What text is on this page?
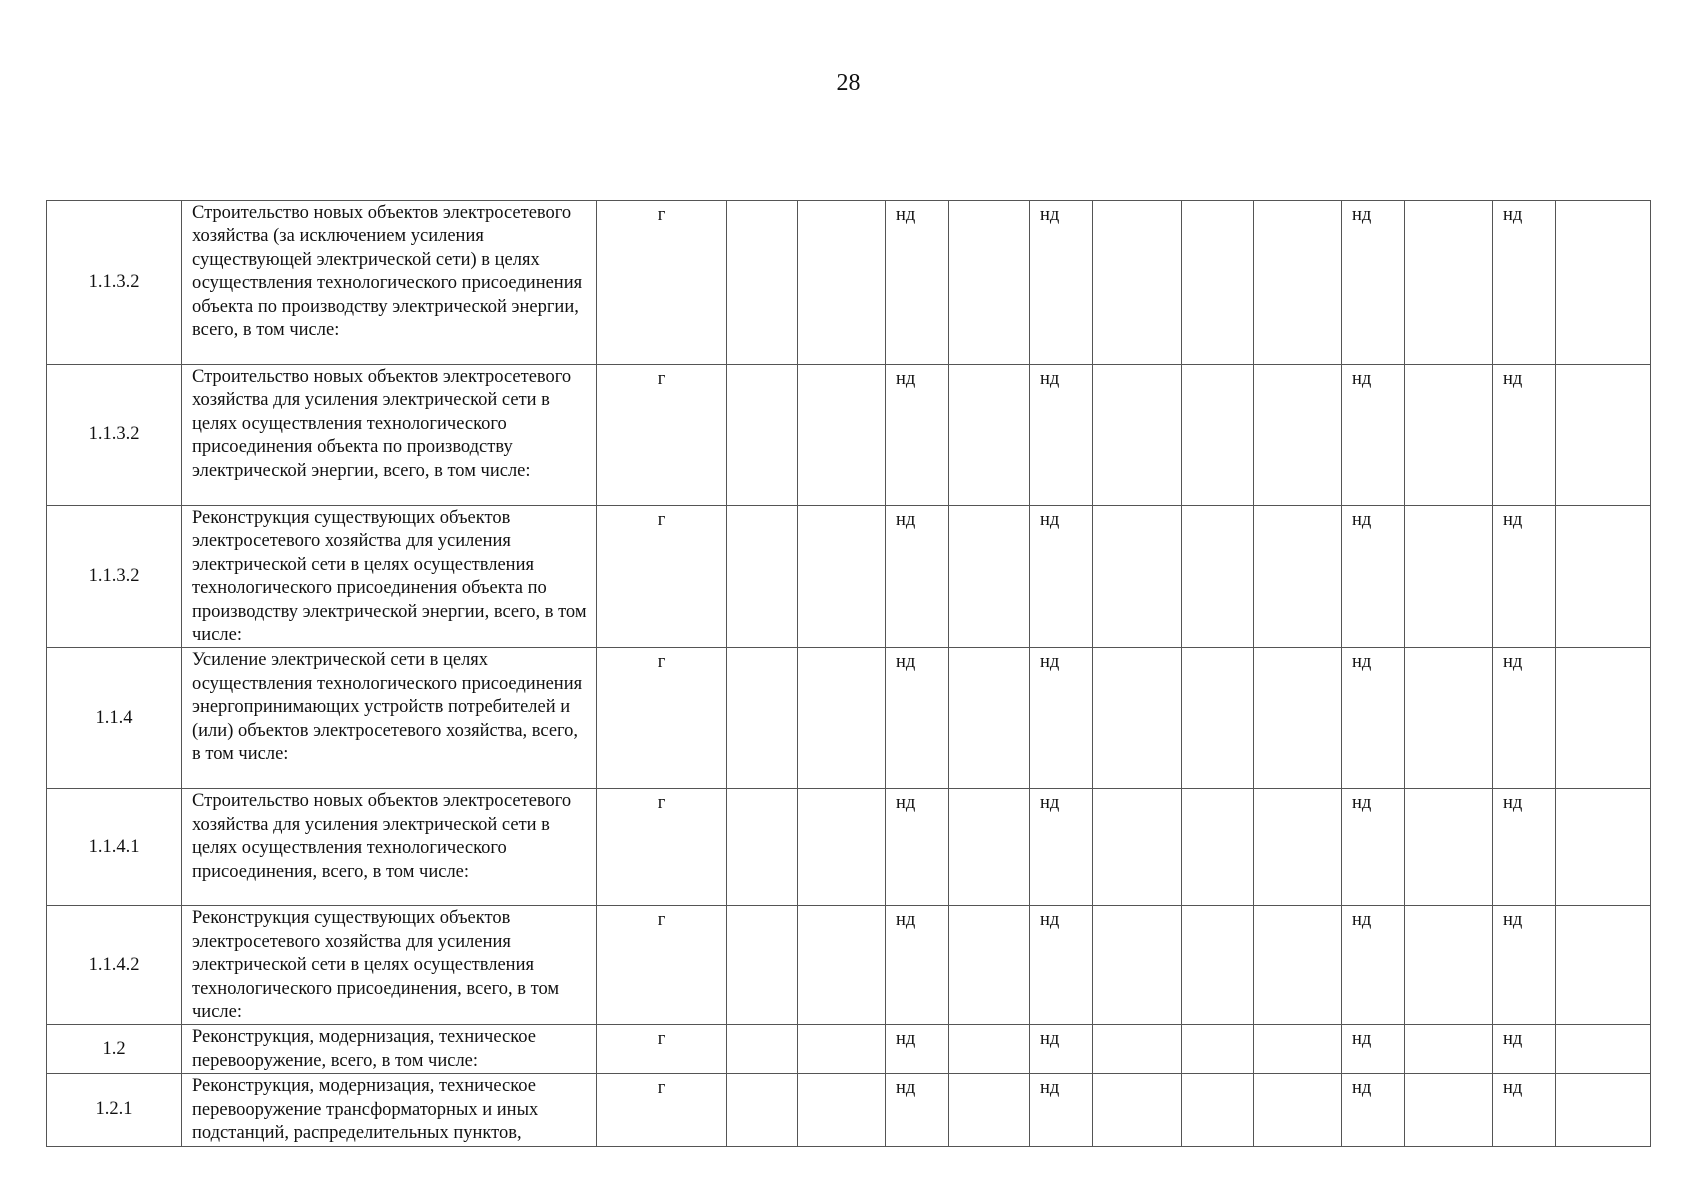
28
1.1.3.2	Строительство новых объектов электросетевого хозяйства (за исключением усиления существующей электрической сети) в целях осуществления технологического присоединения объекта по производству электрической энергии, всего, в том числе:	г			нд		нд				нд		нд	
1.1.3.2	Строительство новых объектов электросетевого хозяйства для усиления электрической сети в целях осуществления технологического присоединения объекта по производству электрической энергии, всего, в том числе:	г			нд		нд				нд		нд	
1.1.3.2	Реконструкция существующих объектов электросетевого хозяйства для усиления электрической сети в целях осуществления технологического присоединения объекта по производству электрической энергии, всего, в том числе:	г			нд		нд				нд		нд	
1.1.4	Усиление электрической сети в целях осуществления технологического присоединения энергопринимающих устройств потребителей и (или) объектов электросетевого хозяйства, всего, в том числе:	г			нд		нд				нд		нд	
1.1.4.1	Строительство новых объектов электросетевого хозяйства для усиления электрической сети в целях осуществления технологического присоединения, всего, в том числе:	г			нд		нд				нд		нд	
1.1.4.2	Реконструкция существующих объектов электросетевого хозяйства для усиления электрической сети в целях осуществления технологического присоединения, всего, в том числе:	г			нд		нд				нд		нд	
1.2	Реконструкция, модернизация, техническое перевооружение, всего, в том числе:	г			нд		нд				нд		нд	
1.2.1	Реконструкция, модернизация, техническое перевооружение трансформаторных и иных подстанций, распределительных пунктов,	г			нд		нд				нд		нд	
